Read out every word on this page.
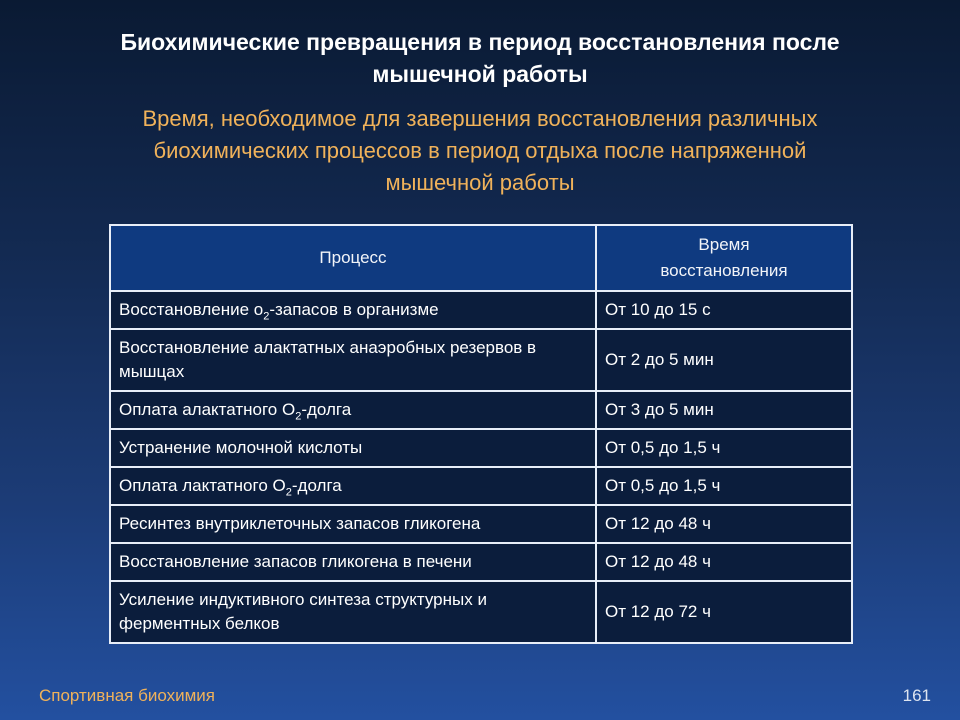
Биохимические превращения в период восстановления после
мышечной работы

Время, необходимое для завершения восстановления различных
биохимических процессов в период отдыха после напряженной
мышечной работы

Процесс	Время
восстановления

Восстановление $о_2$-запасов в организме	От 10 до 15 с
Восстановление алактатных анаэробных резервов в мышцах	От 2 до 5 мин
Оплата алактатного $О_2$-долга	От 3 до 5 мин
Устранение молочной кислоты	От 0,5 до 1,5 ч
Оплата лактатного $О_2$-долга	От 0,5 до 1,5 ч
Ресинтез внутриклеточных запасов гликогена	От 12 до 48 ч
Восстановление запасов гликогена в печени	От 12 до 48 ч
Усиление индуктивного синтеза структурных и ферментных белков	От 12 до 72 ч
Спортивная биохимия	161
